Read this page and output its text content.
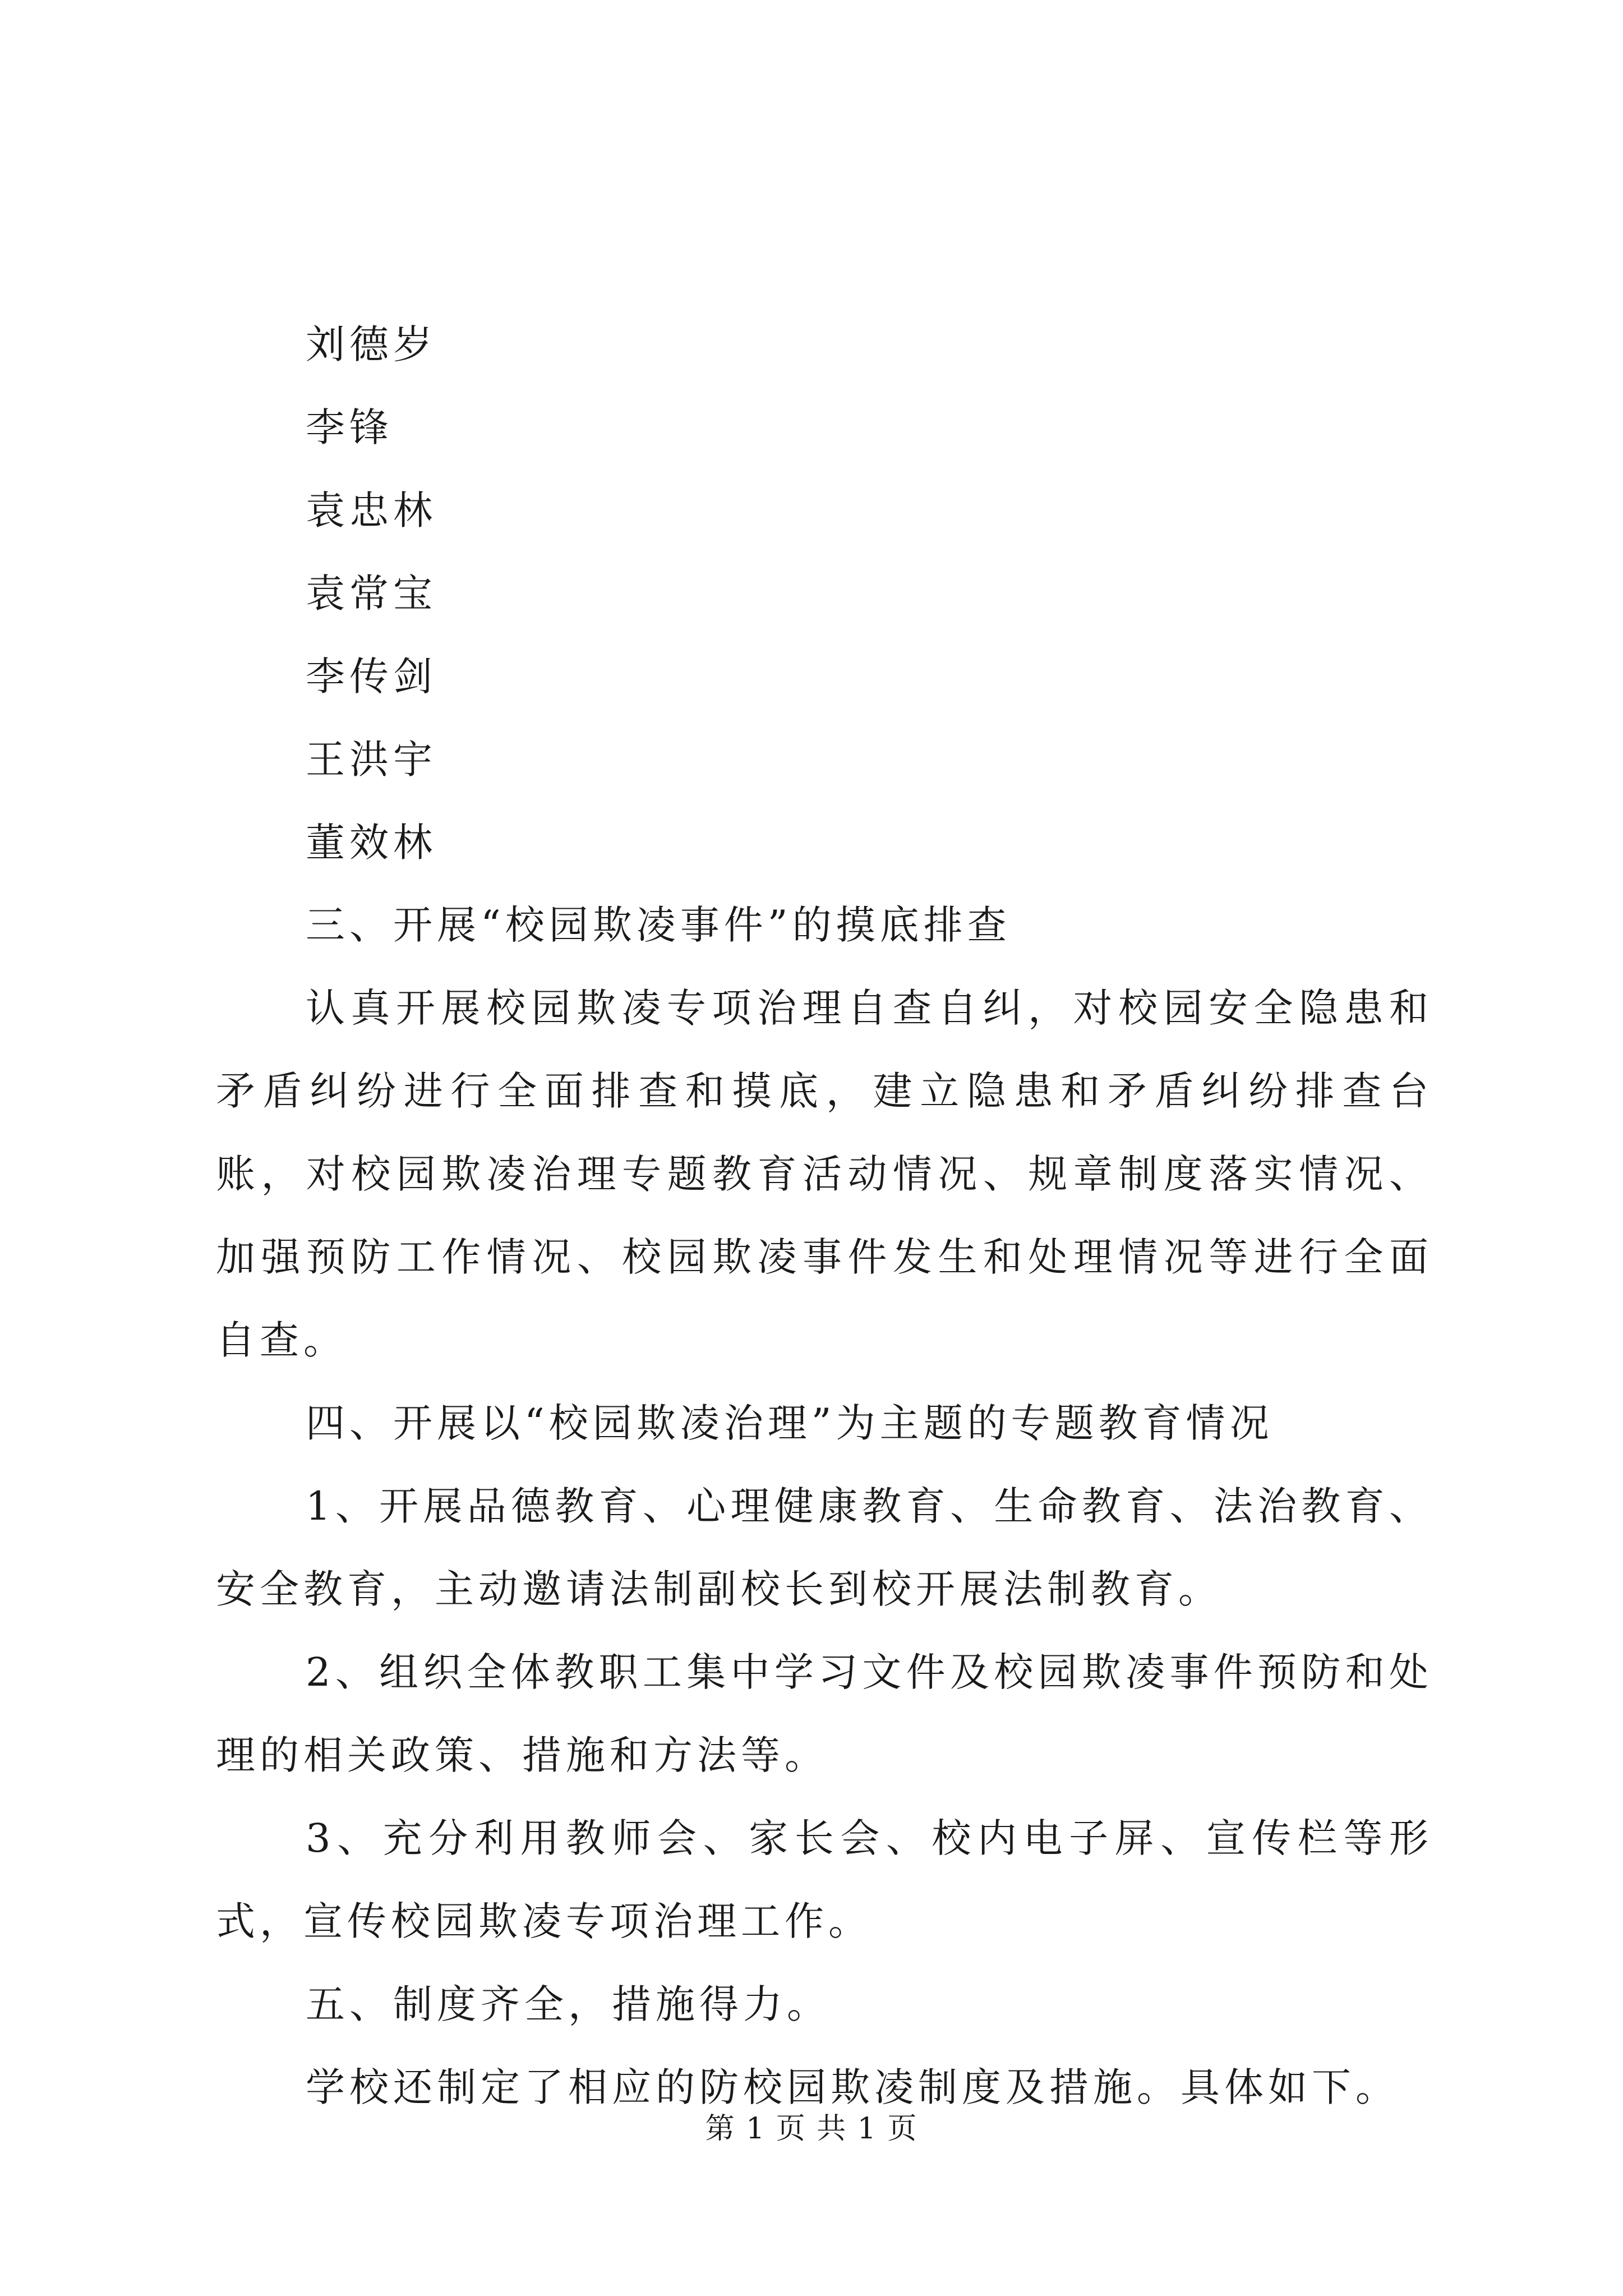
刘德岁
李锋
袁忠林
袁常宝
李传剑
王洪宇
董效林

三、开展“校园欺凌事件”的摸底排查

认真开展校园欺凌专项治理自查自纠，对校园安全隐患和矛盾纠纷进行全面排查和摸底，建立隐患和矛盾纠纷排查台账，对校园欺凌治理专题教育活动情况、规章制度落实情况、加强预防工作情况、校园欺凌事件发生和处理情况等进行全面自查。

四、开展以“校园欺凌治理”为主题的专题教育情况

1、开展品德教育、心理健康教育、生命教育、法治教育、安全教育，主动邀请法制副校长到校开展法制教育。

2、组织全体教职工集中学习文件及校园欺凌事件预防和处理的相关政策、措施和方法等。

3、充分利用教师会、家长会、校内电子屏、宣传栏等形式，宣传校园欺凌专项治理工作。

五、制度齐全，措施得力。

学校还制定了相应的防校园欺凌制度及措施。具体如下。

第 1 页 共 1 页
